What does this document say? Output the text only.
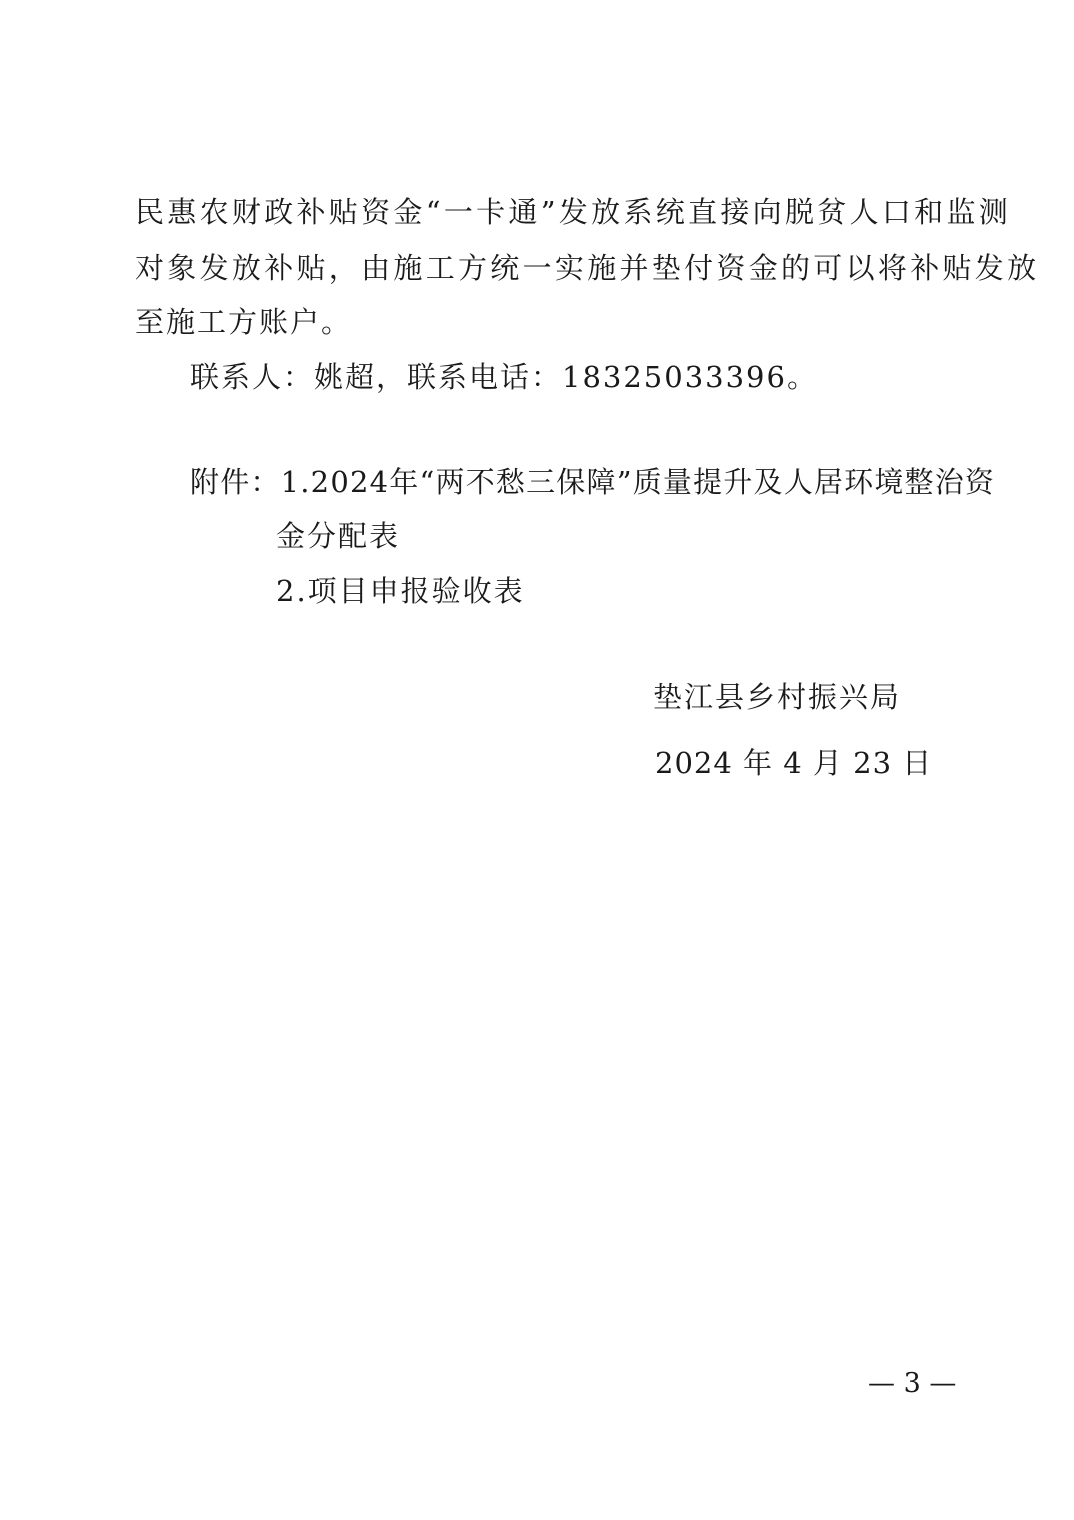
民惠农财政补贴资金“一卡通”发放系统直接向脱贫人口和监测
对象发放补贴，由施工方统一实施并垫付资金的可以将补贴发放
至施工方账户。
联系人：姚超，联系电话：18325033396。
附件：1.2024年“两不愁三保障”质量提升及人居环境整治资
金分配表
2.项目申报验收表
垫江县乡村振兴局
2024 年 4 月 23 日
— 3 —
